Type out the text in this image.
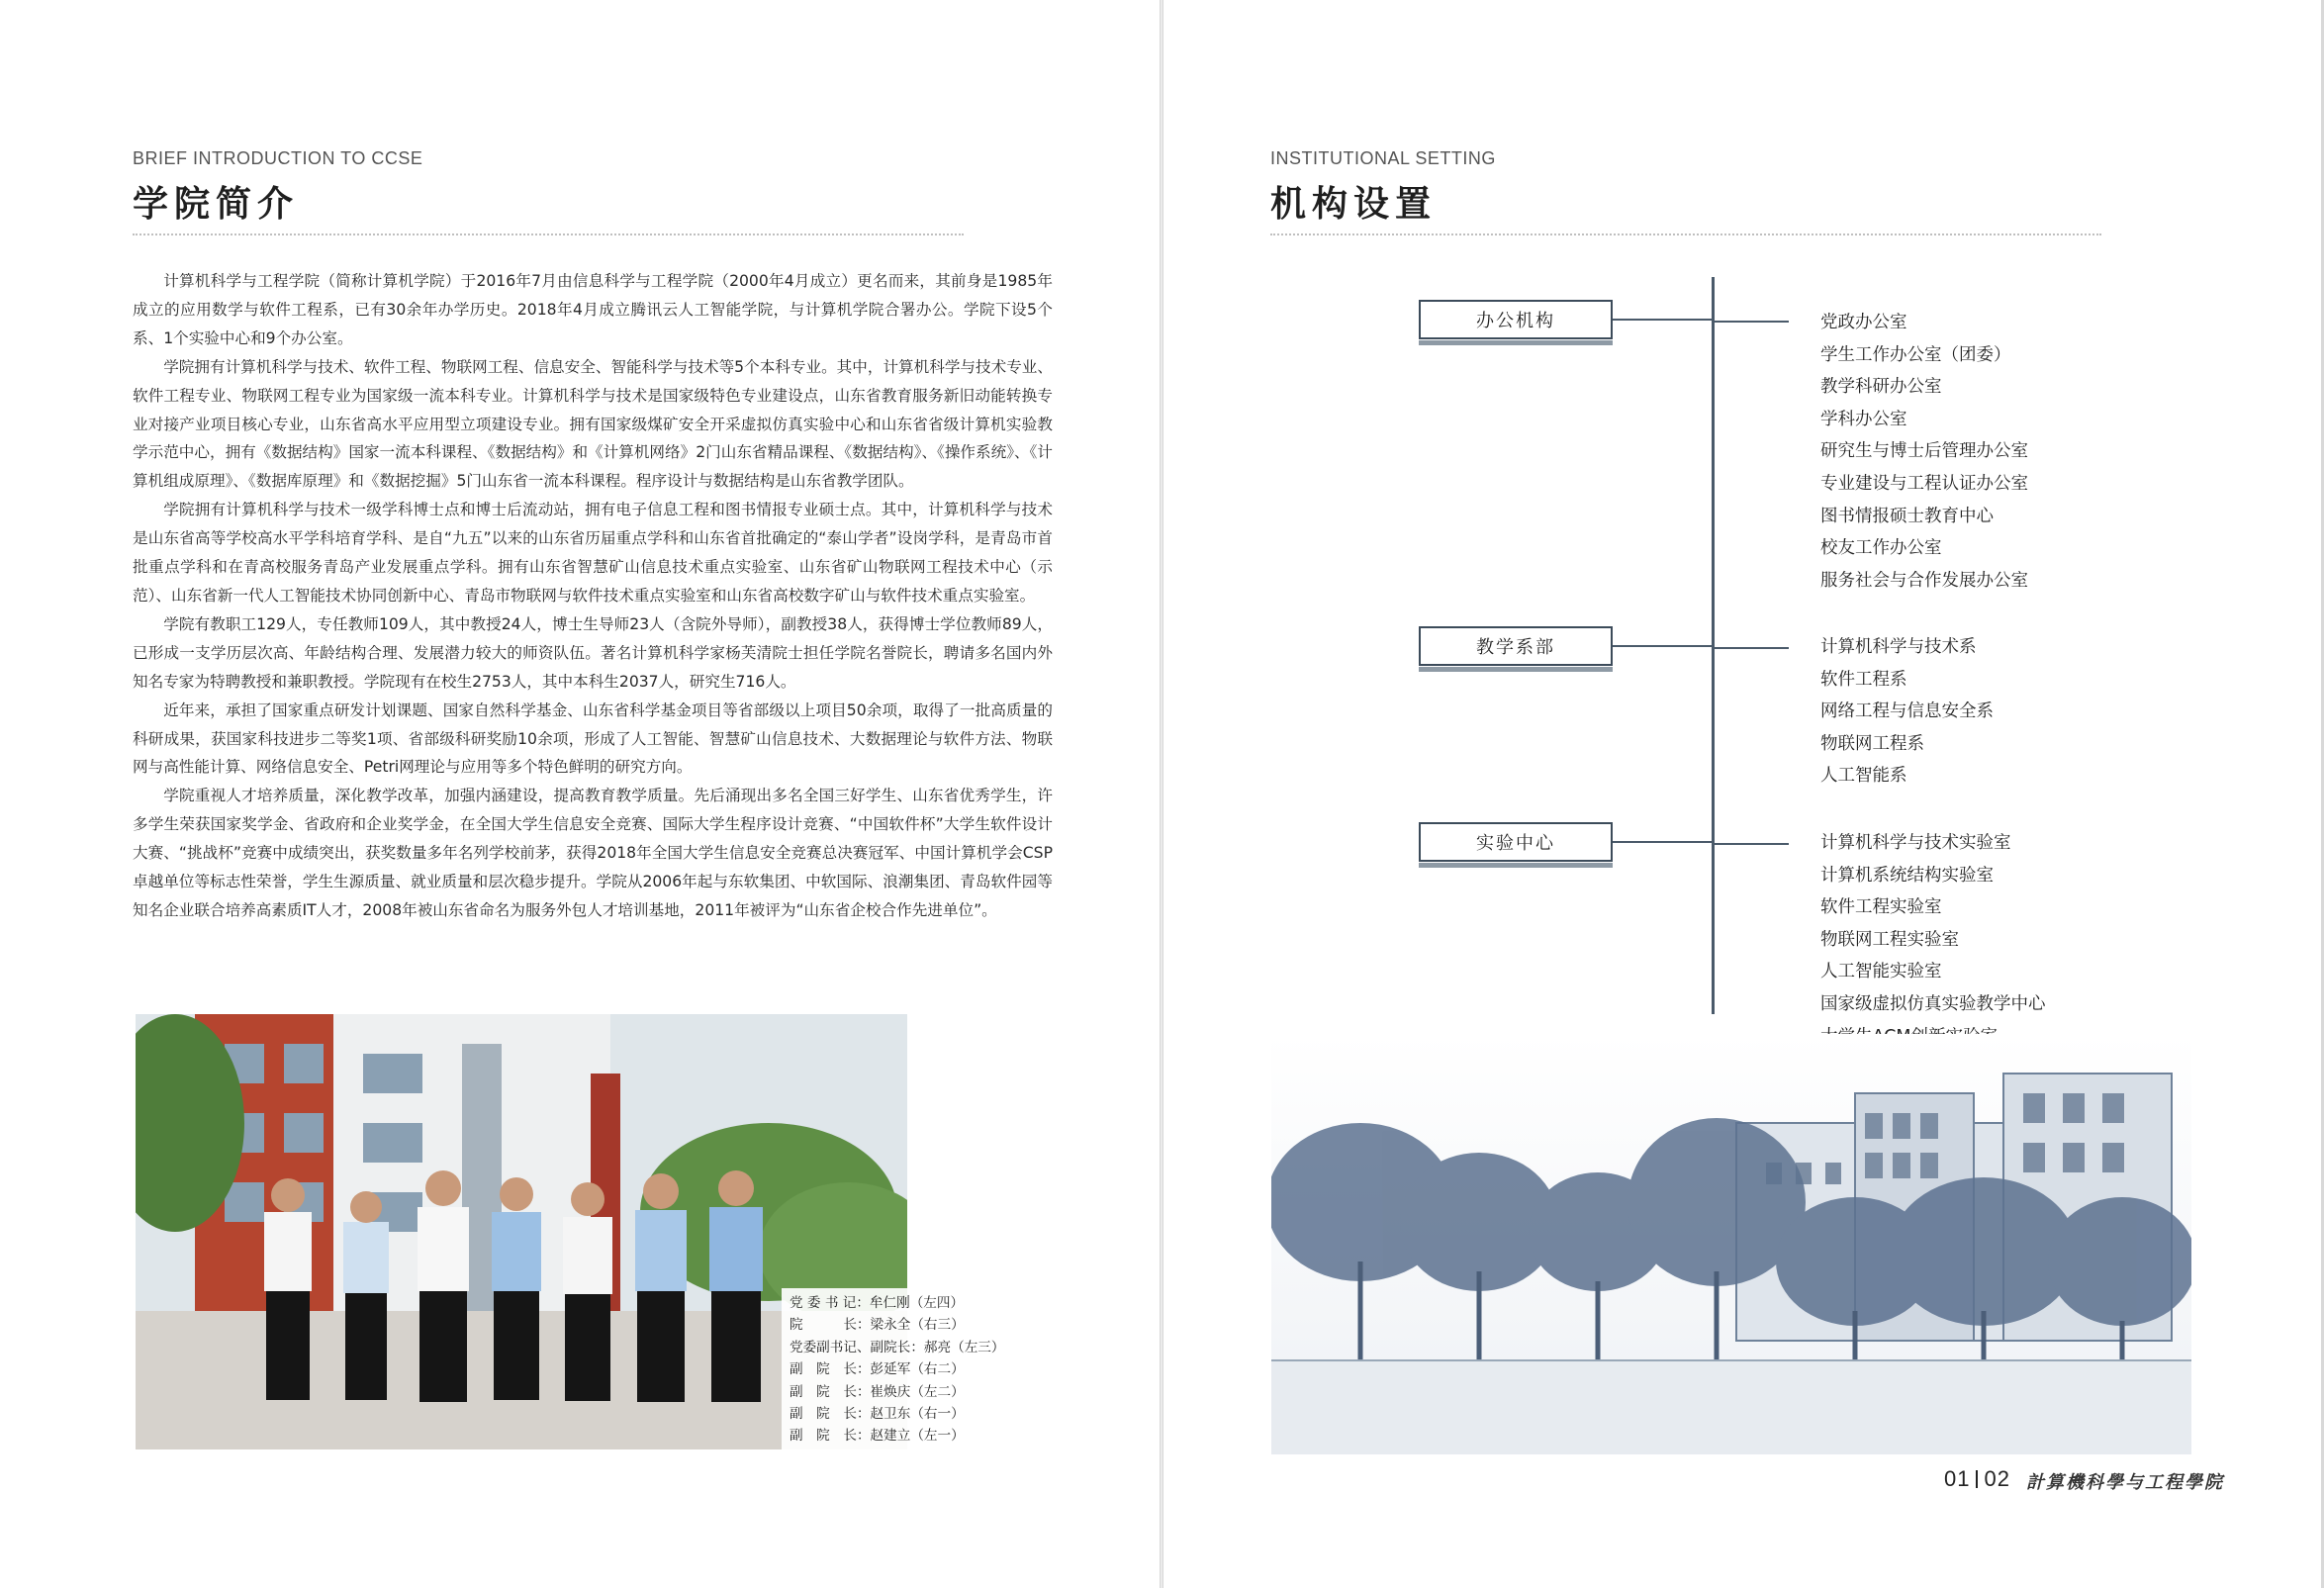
BRIEF INTRODUCTION TO CCSE
学院简介

计算机科学与工程学院（简称计算机学院）于2016年7月由信息科学与工程学院（2000年4月成立）更名而来，其前身是1985年成立的应用数学与软件工程系，已有30余年办学历史。2018年4月成立腾讯云人工智能学院，与计算机学院合署办公。学院下设5个系、1个实验中心和9个办公室。

学院拥有计算机科学与技术、软件工程、物联网工程、信息安全、智能科学与技术等5个本科专业。其中，计算机科学与技术专业、软件工程专业、物联网工程专业为国家级一流本科专业。计算机科学与技术是国家级特色专业建设点，山东省教育服务新旧动能转换专业对接产业项目核心专业，山东省高水平应用型立项建设专业。拥有国家级煤矿安全开采虚拟仿真实验中心和山东省省级计算机实验教学示范中心，拥有《数据结构》国家一流本科课程、《数据结构》和《计算机网络》2门山东省精品课程、《数据结构》、《操作系统》、《计算机组成原理》、《数据库原理》和《数据挖掘》5门山东省一流本科课程。程序设计与数据结构是山东省教学团队。

学院拥有计算机科学与技术一级学科博士点和博士后流动站，拥有电子信息工程和图书情报专业硕士点。其中，计算机科学与技术是山东省高等学校高水平学科培育学科、是自“九五”以来的山东省历届重点学科和山东省首批确定的“泰山学者”设岗学科，是青岛市首批重点学科和在青高校服务青岛产业发展重点学科。拥有山东省智慧矿山信息技术重点实验室、山东省矿山物联网工程技术中心（示范）、山东省新一代人工智能技术协同创新中心、青岛市物联网与软件技术重点实验室和山东省高校数字矿山与软件技术重点实验室。

学院有教职工129人，专任教师109人，其中教授24人，博士生导师23人（含院外导师），副教授38人，获得博士学位教师89人，已形成一支学历层次高、年龄结构合理、发展潜力较大的师资队伍。著名计算机科学家杨芙清院士担任学院名誉院长，聘请多名国内外知名专家为特聘教授和兼职教授。学院现有在校生2753人，其中本科生2037人，研究生716人。

近年来，承担了国家重点研发计划课题、国家自然科学基金、山东省科学基金项目等省部级以上项目50余项，取得了一批高质量的科研成果，获国家科技进步二等奖1项、省部级科研奖励10余项，形成了人工智能、智慧矿山信息技术、大数据理论与软件方法、物联网与高性能计算、网络信息安全、Petri网理论与应用等多个特色鲜明的研究方向。

学院重视人才培养质量，深化教学改革，加强内涵建设，提高教育教学质量。先后涌现出多名全国三好学生、山东省优秀学生，许多学生荣获国家奖学金、省政府和企业奖学金，在全国大学生信息安全竞赛、国际大学生程序设计竞赛、“中国软件杯”大学生软件设计大赛、“挑战杯”竞赛中成绩突出，获奖数量多年名列学校前茅，获得2018年全国大学生信息安全竞赛总决赛冠军、中国计算机学会CSP卓越单位等标志性荣誉，学生生源质量、就业质量和层次稳步提升。学院从2006年起与东软集团、中软国际、浪潮集团、青岛软件园等知名企业联合培养高素质IT人才，2008年被山东省命名为服务外包人才培训基地，2011年被评为“山东省企校合作先进单位”。

党 委 书 记：牟仁刚（左四）
院　　　长：梁永全（右三）
党委副书记、副院长：郝亮（左三）
副　院　长：彭延军（右二）
副　院　长：崔焕庆（左二）
副　院　长：赵卫东（右一）
副　院　长：赵建立（左一）
INSTITUTIONAL SETTING
机构设置
办公机构
教学系部
实验中心
党政办公室
学生工作办公室（团委）
教学科研办公室
学科办公室
研究生与博士后管理办公室
专业建设与工程认证办公室
图书情报硕士教育中心
校友工作办公室
服务社会与合作发展办公室
计算机科学与技术系
软件工程系
网络工程与信息安全系
物联网工程系
人工智能系
计算机科学与技术实验室
计算机系统结构实验室
软件工程实验室
物联网工程实验室
人工智能实验室
国家级虚拟仿真实验教学中心
01 02 計算機科學与工程學院
